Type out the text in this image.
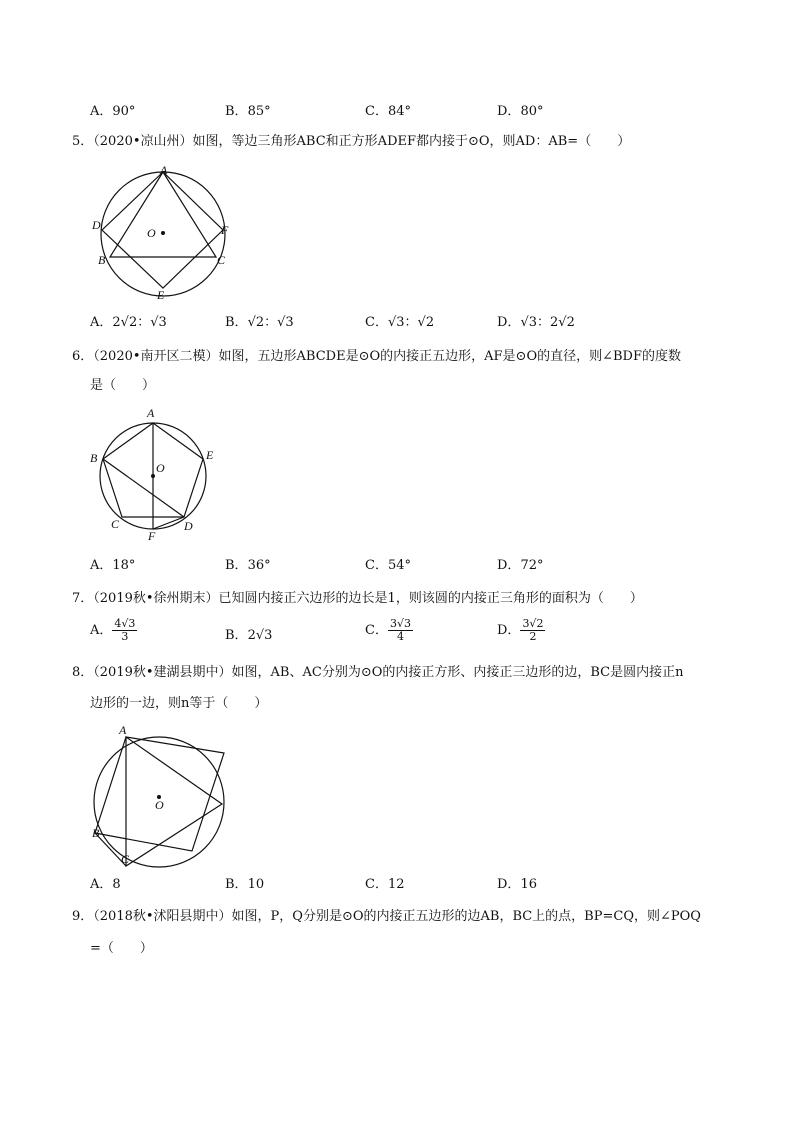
A．90°	B．85°	C．84°	D．80°
5．（2020•凉山州）如图，等边三角形ABC和正方形ADEF都内接于⊙O，则AD：AB=（　　）
A
D
B	C
F
E
O
A．2√2：√3	B．√2：√3	C．√3：√2	D．√3：2√2
6．（2020•南开区二模）如图，五边形ABCDE是⊙O的内接正五边形，AF是⊙O的直径，则∠BDF的度数
是（　　）
A
B	E
C	D
F
O
A．18°	B．36°	C．54°	D．72°
7．（2019秋•徐州期末）已知圆内接正六边形的边长是1，则该圆的内接正三角形的面积为（　　）
A． $\frac{4√3}{3}$	B．2√3	C． $\frac{3√3}{4}$	D． $\frac{3√2}{2}$
8．（2019秋•建湖县期中）如图，AB、AC分别为⊙O的内接正方形、内接正三边形的边，BC是圆内接正n
边形的一边，则n等于（　　）
A
B
C
O
A．8	B．10	C．12	D．16
9．（2018秋•沭阳县期中）如图，P，Q分别是⊙O的内接正五边形的边AB，BC上的点，BP=CQ，则∠POQ
=（　　）
